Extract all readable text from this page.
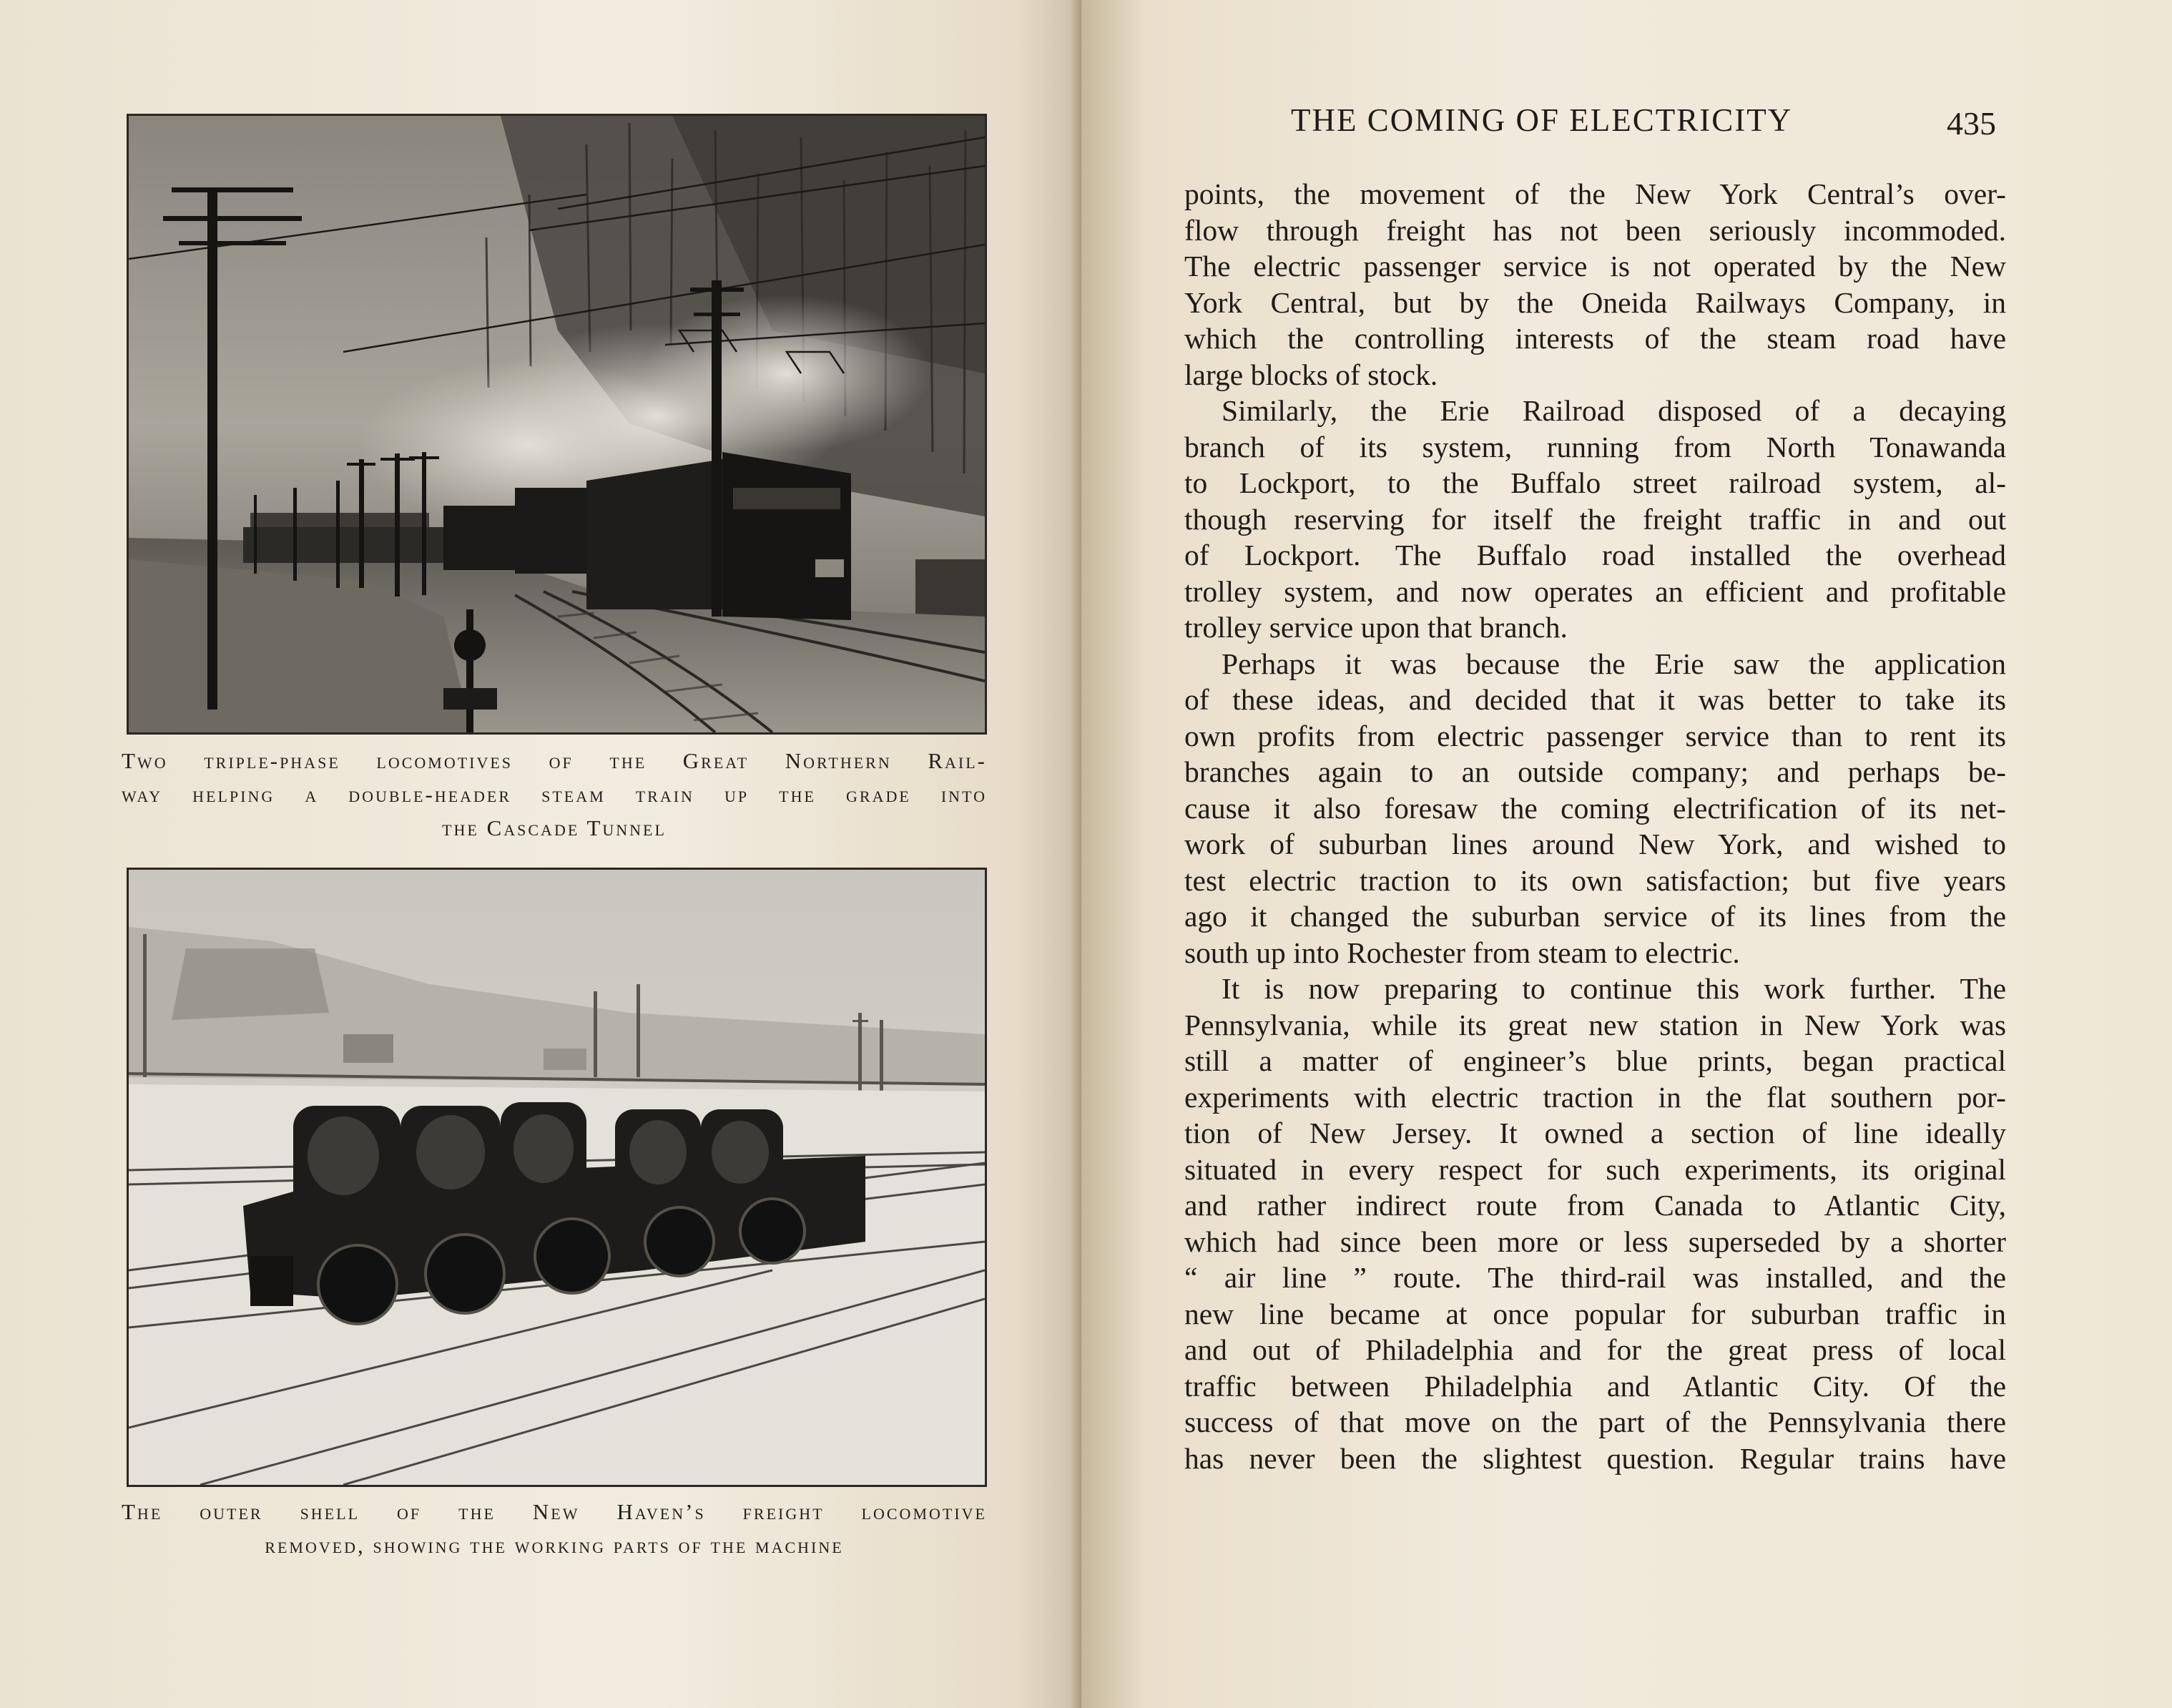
Two triple-phase locomotives of the Great Northern Rail-
way helping a double-header steam train up the grade into
the Cascade Tunnel
The outer shell of the New Haven’s freight locomotive
removed, showing the working parts of the machine
THE COMING OF ELECTRICITY	435

points, the movement of the New York Central’s over-

flow through freight has not been seriously incommoded.

The electric passenger service is not operated by the New

York Central, but by the Oneida Railways Company, in

which the controlling interests of the steam road have

large blocks of stock.

Similarly, the Erie Railroad disposed of a decaying

branch of its system, running from North Tonawanda

to Lockport, to the Buffalo street railroad system, al-

though reserving for itself the freight traffic in and out

of Lockport. The Buffalo road installed the overhead

trolley system, and now operates an efficient and profitable

trolley service upon that branch.

Perhaps it was because the Erie saw the application

of these ideas, and decided that it was better to take its

own profits from electric passenger service than to rent its

branches again to an outside company; and perhaps be-

cause it also foresaw the coming electrification of its net-

work of suburban lines around New York, and wished to

test electric traction to its own satisfaction; but five years

ago it changed the suburban service of its lines from the

south up into Rochester from steam to electric.

It is now preparing to continue this work further. The

Pennsylvania, while its great new station in New York was

still a matter of engineer’s blue prints, began practical

experiments with electric traction in the flat southern por-

tion of New Jersey. It owned a section of line ideally

situated in every respect for such experiments, its original

and rather indirect route from Canada to Atlantic City,

which had since been more or less superseded by a shorter

“ air line ” route. The third-rail was installed, and the

new line became at once popular for suburban traffic in

and out of Philadelphia and for the great press of local

traffic between Philadelphia and Atlantic City. Of the

success of that move on the part of the Pennsylvania there

has never been the slightest question. Regular trains have
